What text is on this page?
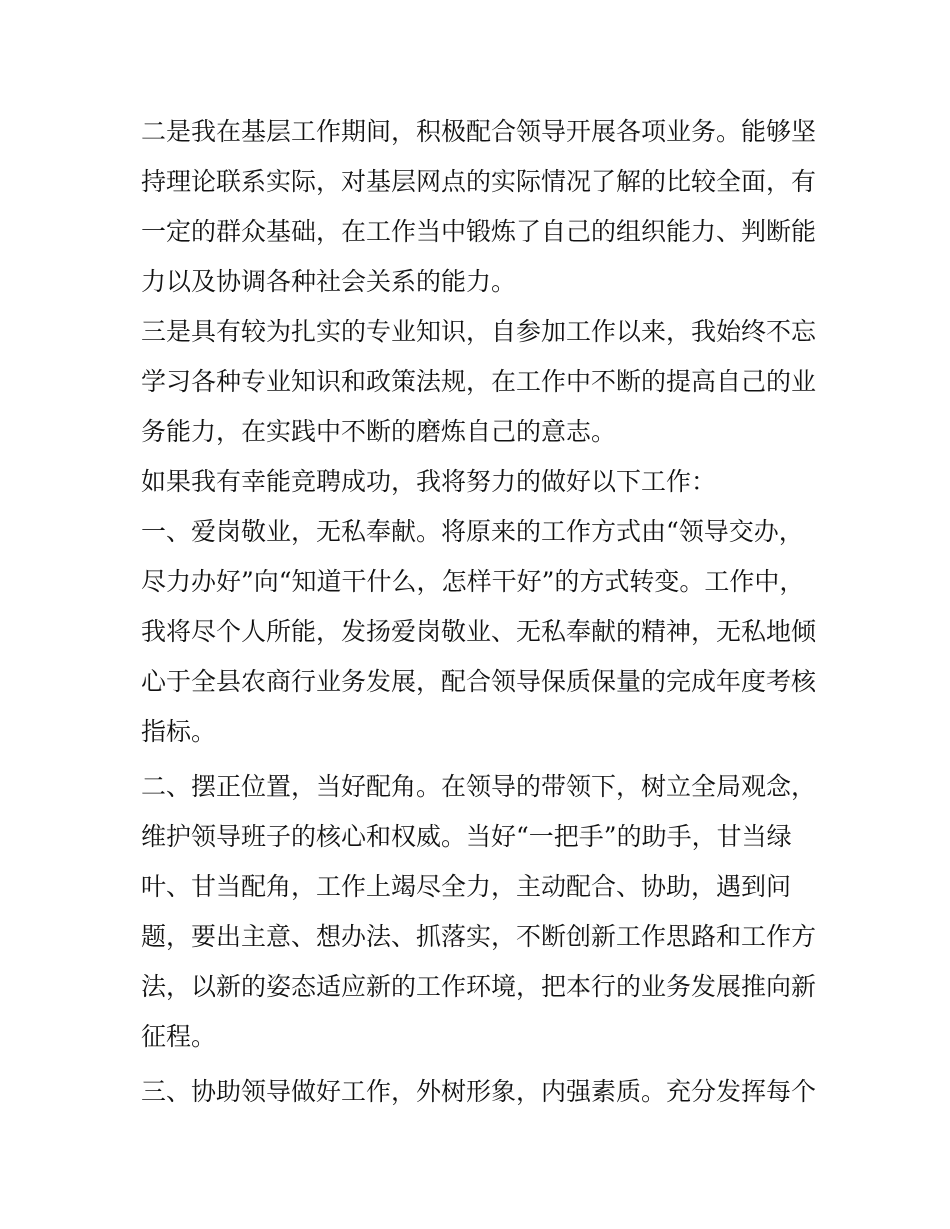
二是我在基层工作期间，积极配合领导开展各项业务。能够坚
持理论联系实际，对基层网点的实际情况了解的比较全面，有
一定的群众基础，在工作当中锻炼了自己的组织能力、判断能
力以及协调各种社会关系的能力。
三是具有较为扎实的专业知识，自参加工作以来，我始终不忘
学习各种专业知识和政策法规，在工作中不断的提高自己的业
务能力，在实践中不断的磨炼自己的意志。
如果我有幸能竞聘成功，我将努力的做好以下工作：
一、爱岗敬业，无私奉献。将原来的工作方式由“领导交办，
尽力办好”向“知道干什么，怎样干好”的方式转变。工作中，
我将尽个人所能，发扬爱岗敬业、无私奉献的精神，无私地倾
心于全县农商行业务发展，配合领导保质保量的完成年度考核
指标。
二、摆正位置，当好配角。在领导的带领下，树立全局观念，
维护领导班子的核心和权威。当好“一把手”的助手，甘当绿
叶、甘当配角，工作上竭尽全力，主动配合、协助，遇到问
题，要出主意、想办法、抓落实，不断创新工作思路和工作方
法，以新的姿态适应新的工作环境，把本行的业务发展推向新
征程。
三、协助领导做好工作，外树形象，内强素质。充分发挥每个
